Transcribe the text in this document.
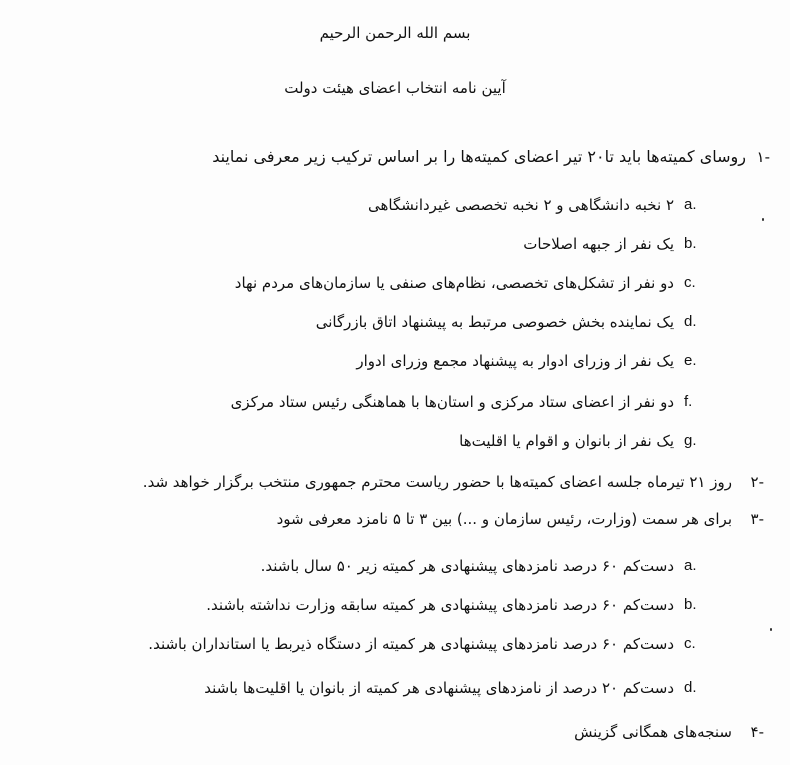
بسم الله الرحمن الرحیم
آیین نامه انتخاب اعضای هیئت دولت
۱-
روسای کمیته‌ها باید تا۲۰ تیر اعضای کمیته‌ها را بر اساس ترکیب زیر معرفی نمایند
a.
۲ نخبه دانشگاهی و ۲ نخبه تخصصی غیردانشگاهی
b.
یک نفر از جبهه اصلاحات
c.
دو نفر از تشکل‌های تخصصی، نظام‌های صنفی یا سازمان‌های مردم نهاد
d.
یک نماینده بخش خصوصی مرتبط به پیشنهاد اتاق بازرگانی
e.
یک نفر از وزرای ادوار به پیشنهاد مجمع وزرای ادوار
f.
دو نفر از اعضای ستاد مرکزی و استان‌ها با هماهنگی رئیس ستاد مرکزی
g.
یک نفر از بانوان و اقوام یا اقلیت‌ها
۲-
روز ۲۱ تیرماه جلسه اعضای کمیته‌ها با حضور ریاست محترم جمهوری منتخب برگزار خواهد شد.
۳-
برای هر سمت (وزارت، رئیس سازمان و ...) بین ۳ تا ۵ نامزد معرفی شود
a.
دست‌کم ۶۰ درصد نامزدهای پیشنهادی هر کمیته زیر ۵۰ سال باشند.
b.
دست‌کم ۶۰ درصد نامزدهای پیشنهادی هر کمیته سابقه وزارت نداشته باشند.
c.
دست‌کم ۶۰ درصد نامزدهای پیشنهادی هر کمیته از دستگاه ذیربط یا استانداران باشند.
d.
دست‌کم ۲۰ درصد از نامزدهای پیشنهادی هر کمیته از بانوان یا اقلیت‌ها باشند
۴-
سنجه‌های همگانی گزینش
